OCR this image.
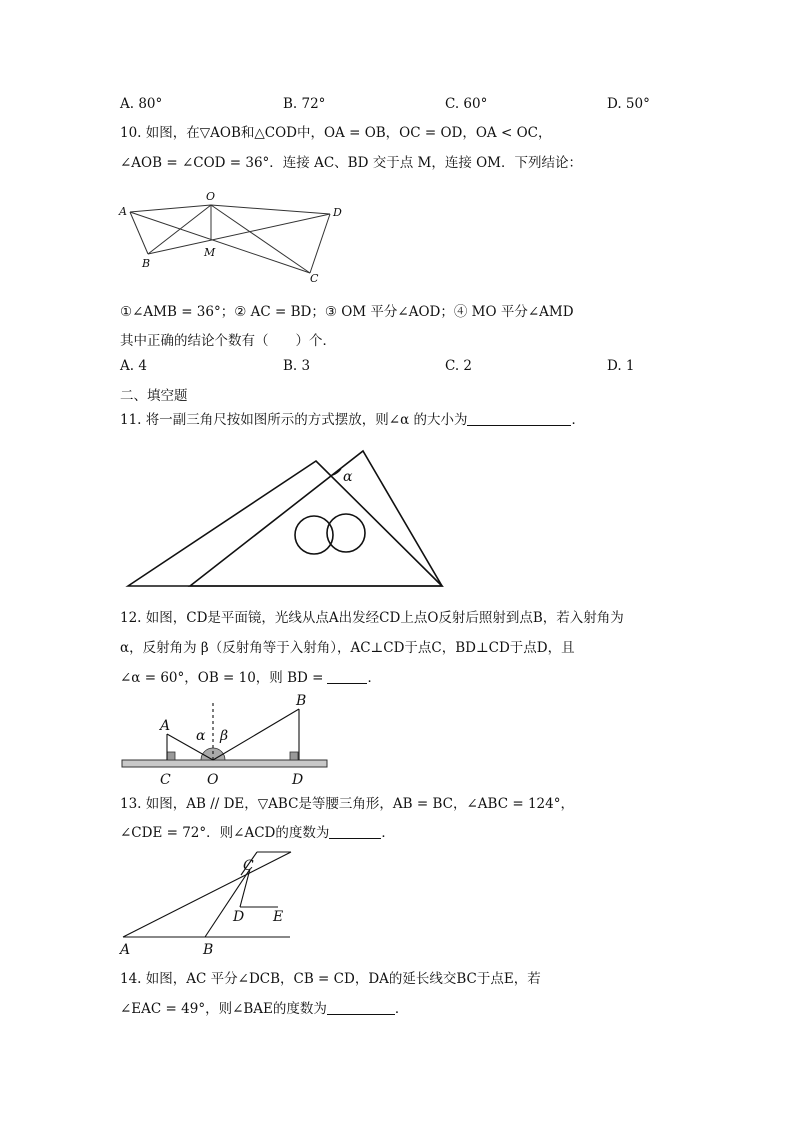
A. 80°	B. 72°	C. 60°	D. 50°
10. 如图，在▽AOB和△COD中，OA = OB，OC = OD，OA < OC，
∠AOB = ∠COD = 36°．连接 AC、BD 交于点 M，连接 OM．下列结论：
A
O
D
B
M
C
①∠AMB = 36°；② AC = BD；③ OM 平分∠AOD；④ MO 平分∠AMD
其中正确的结论个数有（　　）个．
A. 4	B. 3	C. 2	D. 1
二、填空题
11. 将一副三角尺按如图所示的方式摆放，则∠α 的大小为	．
α
12. 如图，CD是平面镜，光线从点A出发经CD上点O反射后照射到点B，若入射角为
α，反射角为 β（反射角等于入射角），AC⊥CD于点C，BD⊥CD于点D，且
∠α = 60°，OB = 10，则 BD =	．
A
B
α β
C	O	D
13. 如图，AB // DE，▽ABC是等腰三角形，AB = BC，∠ABC = 124°，
∠CDE = 72°．则∠ACD的度数为	．
C
D E
A	B
14. 如图，AC 平分∠DCB，CB = CD，DA的延长线交BC于点E，若
∠EAC = 49°，则∠BAE的度数为	．
